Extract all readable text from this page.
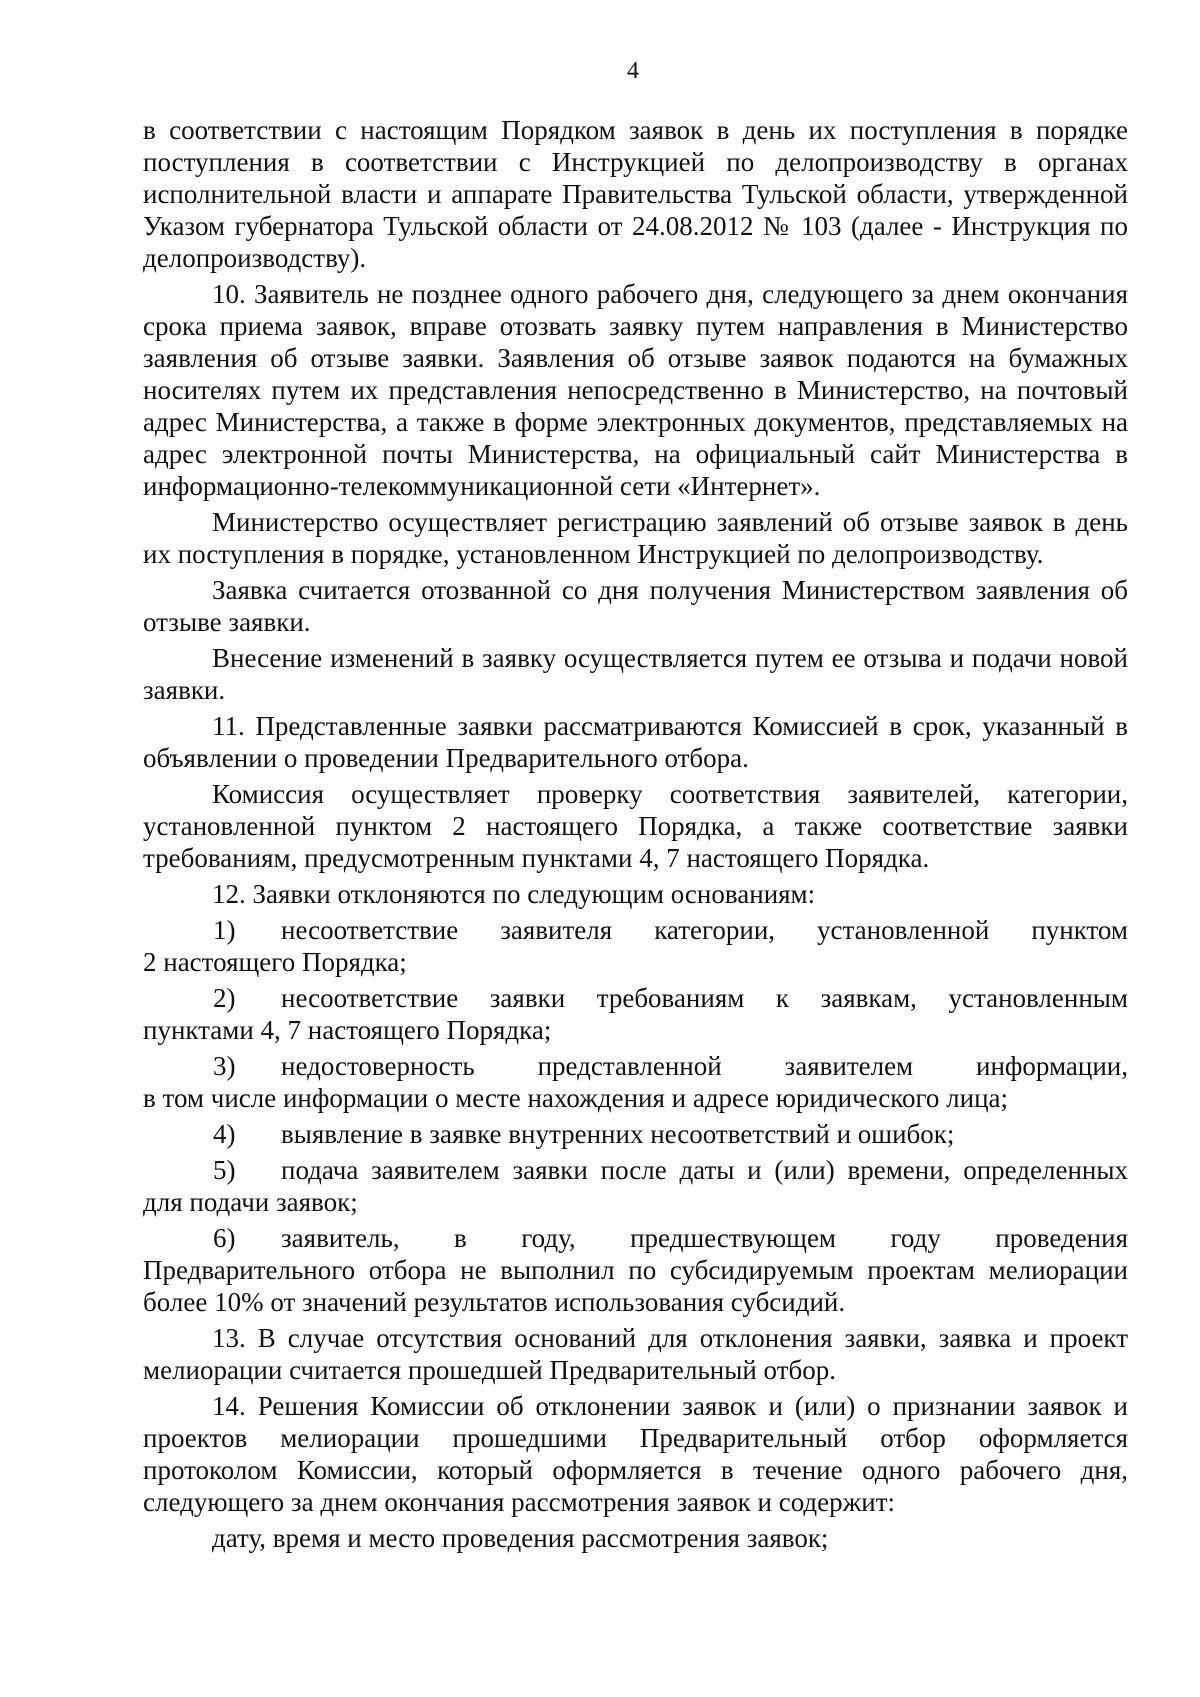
4

в соответствии с настоящим Порядком заявок в день их поступления в порядке поступления в соответствии с Инструкцией по делопроизводству в органах исполнительной власти и аппарате Правительства Тульской области, утвержденной Указом губернатора Тульской области от 24.08.2012 № 103 (далее - Инструкция по делопроизводству).

10. Заявитель не позднее одного рабочего дня, следующего за днем окончания срока приема заявок, вправе отозвать заявку путем направления в Министерство заявления об отзыве заявки. Заявления об отзыве заявок подаются на бумажных носителях путем их представления непосредственно в Министерство, на почтовый адрес Министерства, а также в форме электронных документов, представляемых на адрес электронной почты Министерства, на официальный сайт Министерства в информационно-телекоммуникационной сети «Интернет».

Министерство осуществляет регистрацию заявлений об отзыве заявок в день их поступления в порядке, установленном Инструкцией по делопроизводству.

Заявка считается отозванной со дня получения Министерством заявления об отзыве заявки.

Внесение изменений в заявку осуществляется путем ее отзыва и подачи новой заявки.

11. Представленные заявки рассматриваются Комиссией в срок, указанный в объявлении о проведении Предварительного отбора.

Комиссия осуществляет проверку соответствия заявителей, категории, установленной пунктом 2 настоящего Порядка, а также соответствие заявки требованиям, предусмотренным пунктами 4, 7 настоящего Порядка.

12. Заявки отклоняются по следующим основаниям:

1)	несоответствие заявителя категории, установленной пунктом

2 настоящего Порядка;

2)	несоответствие заявки требованиям к заявкам, установленным

пунктами 4, 7 настоящего Порядка;

3)	недостоверность представленной заявителем информации,

в том числе информации о месте нахождения и адресе юридического лица;

4)	выявление в заявке внутренних несоответствий и ошибок;
5)	подача заявителем заявки после даты и (или) времени, определенных

для подачи заявок;

6)	заявитель, в году, предшествующем году проведения

Предварительного отбора не выполнил по субсидируемым проектам мелиорации более 10% от значений результатов использования субсидий.

13. В случае отсутствия оснований для отклонения заявки, заявка и проект мелиорации считается прошедшей Предварительный отбор.

14. Решения Комиссии об отклонении заявок и (или) о признании заявок и проектов мелиорации прошедшими Предварительный отбор оформляется протоколом Комиссии, который оформляется в течение одного рабочего дня, следующего за днем окончания рассмотрения заявок и содержит:

дату, время и место проведения рассмотрения заявок;
